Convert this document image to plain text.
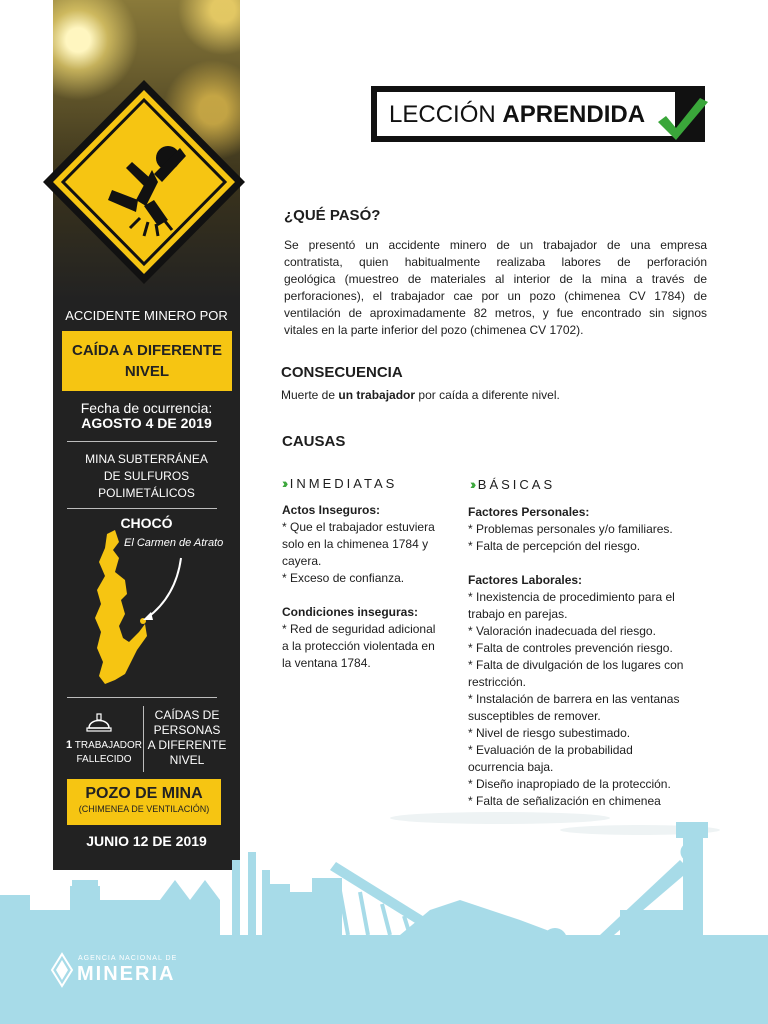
ACCIDENTE MINERO POR
CAÍDA A DIFERENTE
NIVEL
Fecha de ocurrencia:
AGOSTO 4 DE 2019
MINA SUBTERRÁNEA
DE SULFUROS
POLIMETÁLICOS
CHOCÓ
El Carmen de Atrato
1 TRABAJADOR
FALLECIDO
CAÍDAS DE
PERSONAS
A DIFERENTE
NIVEL
POZO DE MINA
(CHIMENEA DE VENTILACIÓN)
JUNIO 12 DE 2019
LECCIÓN APRENDIDA
¿QUÉ PASÓ?
Se presentó un accidente minero de un trabajador de una empresa
contratista, quien habitualmente realizaba labores de perforación
geológica (muestreo de materiales al interior de la mina a través de
perforaciones), el trabajador cae por un pozo (chimenea CV 1784) de
ventilación de aproximadamente 82 metros, y fue encontrado sin signos
vitales en la parte inferior del pozo (chimenea CV 1702).
CONSECUENCIA
Muerte de un trabajador por caída a diferente nivel.
CAUSAS
›› INMEDIATAS	›› BÁSICAS
Actos Inseguros:
* Que el trabajador estuviera
solo en la chimenea 1784 y
cayera.
* Exceso de confianza.
Condiciones inseguras:
* Red de seguridad adicional
a la protección violentada en
la ventana 1784.
Factores Personales:
* Problemas personales y/o familiares.
* Falta de percepción del riesgo.
Factores Laborales:
* Inexistencia de procedimiento para el
trabajo en parejas.
* Valoración inadecuada del riesgo.
* Falta de controles prevención riesgo.
* Falta de divulgación de los lugares con
restricción.
* Instalación de barrera en las ventanas
susceptibles de remover.
* Nivel de riesgo subestimado.
* Evaluación de la probabilidad
ocurrencia baja.
* Diseño inapropiado de la protección.
* Falta de señalización en chimenea
AGENCIA NACIONAL DE
MINERIA
